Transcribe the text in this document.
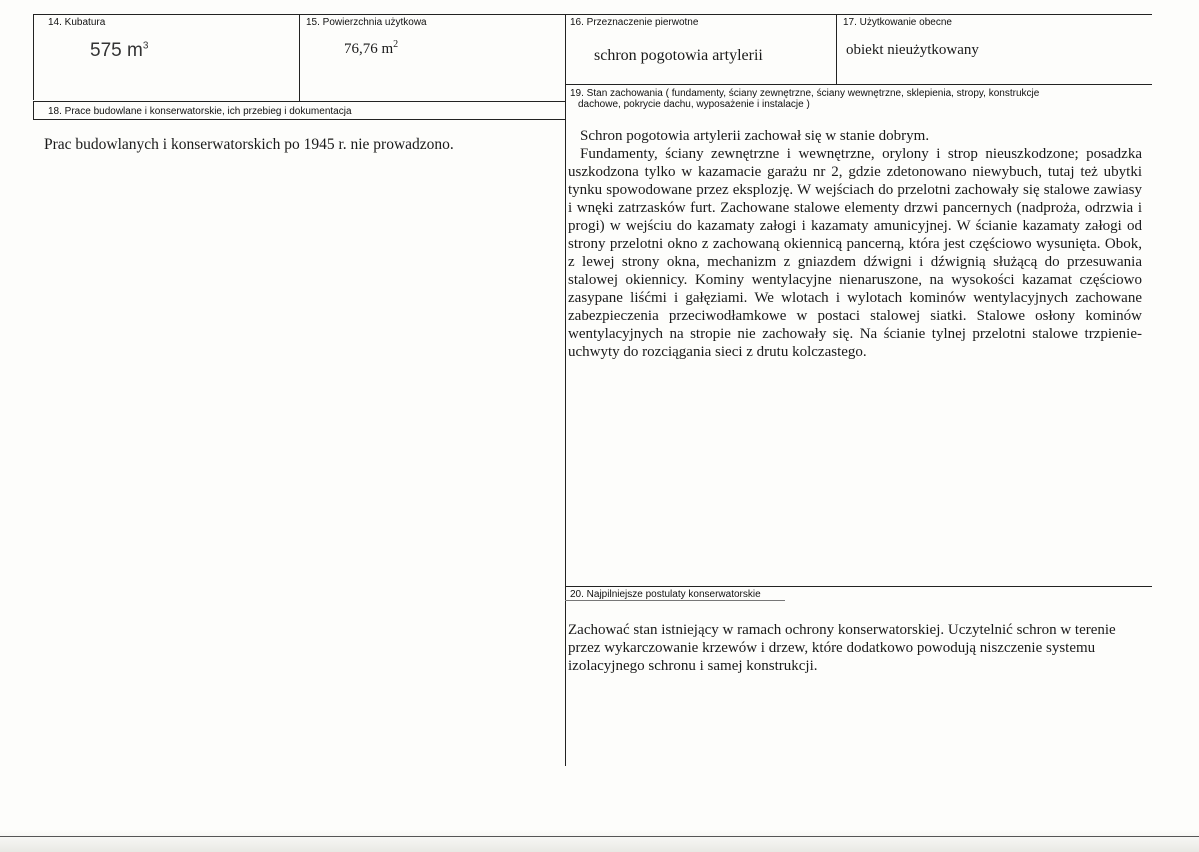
14. Kubatura
575 $m^3$
15. Powierzchnia użytkowa
76,76 $m^2$
16. Przeznaczenie pierwotne
schron pogotowia artylerii
17. Użytkowanie obecne
obiekt nieużytkowany
18. Prace budowlane i konserwatorskie, ich przebieg i dokumentacja
Prac budowlanych i konserwatorskich po 1945 r. nie prowadzono.
19. Stan zachowania ( fundamenty, ściany zewnętrzne, ściany wewnętrzne, sklepienia, stropy, konstrukcje
dachowe, pokrycie dachu, wyposażenie i instalacje )

Schron pogotowia artylerii zachował się w stanie dobrym.

Fundamenty, ściany zewnętrzne i wewnętrzne, orylony i strop nieuszkodzone; posadzka uszkodzona tylko w kazamacie garażu nr 2, gdzie zdetonowano niewybuch, tutaj też ubytki tynku spowodowane przez eksplozję. W wejściach do przelotni zachowały się stalowe zawiasy i wnęki zatrzasków furt. Zachowane stalowe elementy drzwi pancernych (nadproża, odrzwia i progi) w wejściu do kazamaty załogi i kazamaty amunicyjnej. W ścianie kazamaty załogi od strony przelotni okno z zachowaną okiennicą pancerną, która jest częściowo wysunięta. Obok, z lewej strony okna, mechanizm z gniazdem dźwigni i dźwignią służącą do przesuwania stalowej okiennicy. Kominy wentylacyjne nienaruszone, na wysokości kazamat częściowo zasypane liśćmi i gałęziami. We wlotach i wylotach kominów wentylacyjnych zachowane zabezpieczenia przeciwodłamkowe w postaci stalowej siatki. Stalowe osłony kominów wentylacyjnych na stropie nie zachowały się. Na ścianie tylnej przelotni stalowe trzpienie-uchwyty do rozciągania sieci z drutu kolczastego.

20. Najpilniejsze postulaty konserwatorskie
Zachować stan istniejący w ramach ochrony konserwatorskiej. Uczytelnić schron w terenie przez wykarczowanie krzewów i drzew, które dodatkowo powodują niszczenie systemu izolacyjnego schronu i samej konstrukcji.
